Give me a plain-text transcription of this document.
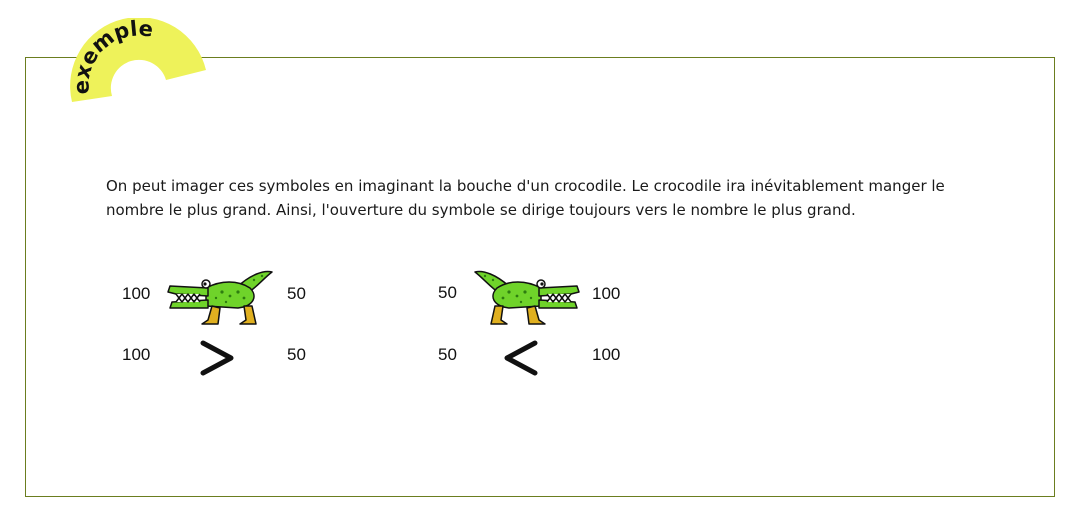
exemple
On peut imager ces symboles en imaginant la bouche d'un crocodile. Le crocodile ira inévitablement manger le nombre le plus grand. Ainsi, l'ouverture du symbole se dirige toujours vers le nombre le plus grand.
100	50
100	50
50	100
50	100
